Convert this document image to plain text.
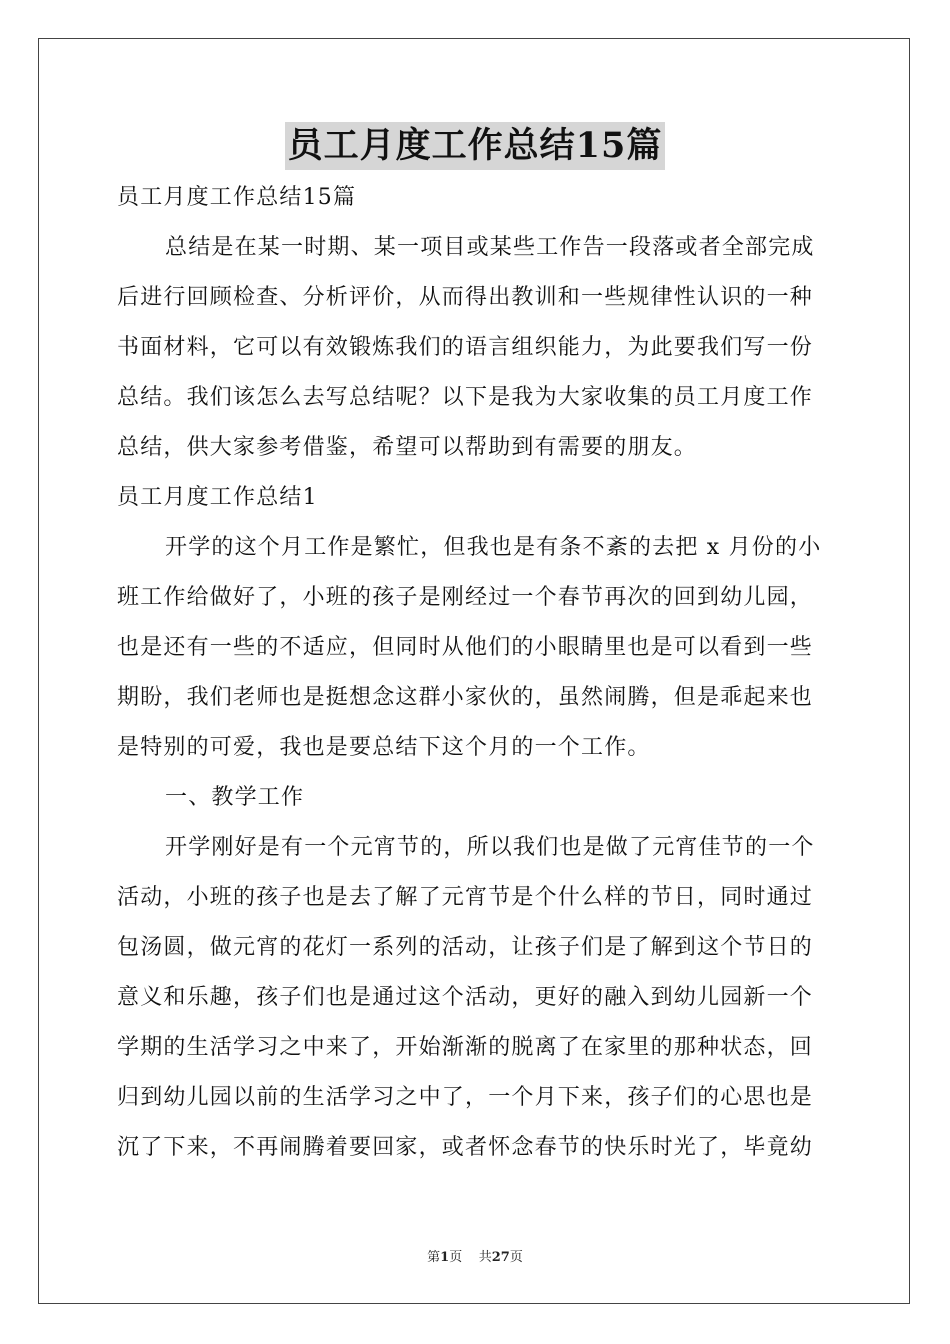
员工月度工作总结15篇
员工月度工作总结15篇
总结是在某一时期、某一项目或某些工作告一段落或者全部完成
后进行回顾检查、分析评价，从而得出教训和一些规律性认识的一种
书面材料，它可以有效锻炼我们的语言组织能力，为此要我们写一份
总结。我们该怎么去写总结呢？以下是我为大家收集的员工月度工作
总结，供大家参考借鉴，希望可以帮助到有需要的朋友。
员工月度工作总结1
开学的这个月工作是繁忙，但我也是有条不紊的去把 x 月份的小
班工作给做好了，小班的孩子是刚经过一个春节再次的回到幼儿园，
也是还有一些的不适应，但同时从他们的小眼睛里也是可以看到一些
期盼，我们老师也是挺想念这群小家伙的，虽然闹腾，但是乖起来也
是特别的可爱，我也是要总结下这个月的一个工作。
一、教学工作
开学刚好是有一个元宵节的，所以我们也是做了元宵佳节的一个
活动，小班的孩子也是去了解了元宵节是个什么样的节日，同时通过
包汤圆，做元宵的花灯一系列的活动，让孩子们是了解到这个节日的
意义和乐趣，孩子们也是通过这个活动，更好的融入到幼儿园新一个
学期的生活学习之中来了，开始渐渐的脱离了在家里的那种状态，回
归到幼儿园以前的生活学习之中了，一个月下来，孩子们的心思也是
沉了下来，不再闹腾着要回家，或者怀念春节的快乐时光了，毕竟幼
第1页 共27页
